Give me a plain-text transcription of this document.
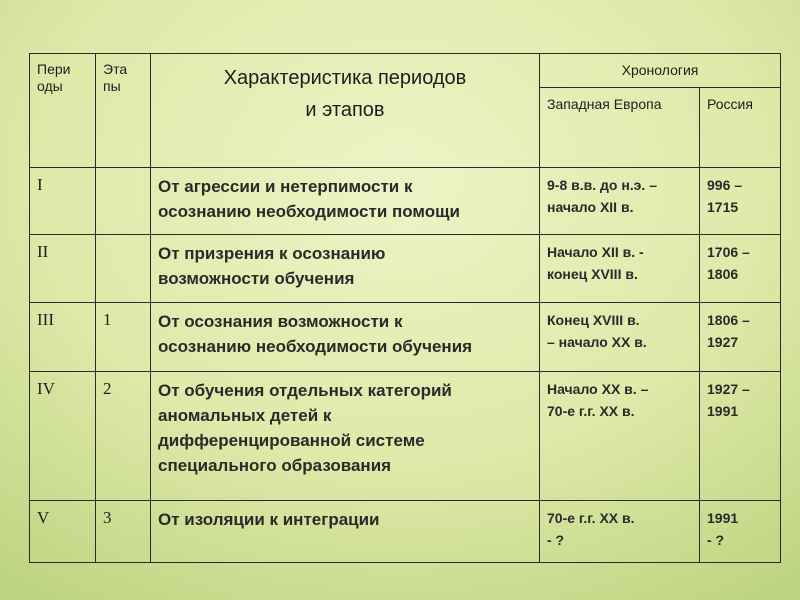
Пери
оды	Эта
пы	Характеристика периодов
и этапов	Хронология	
			Западная Европа	Россия
I		От агрессии и нетерпимости к
осознанию необходимости помощи	9-8 в.в. до н.э. –
начало XII в.	996 –
1715

II		От призрения к осознанию
возможности обучения	Начало XII в. -
конец XVIII в.	1706 –
1806

III	1	От осознания возможности к
осознанию необходимости обучения	Конец XVIII в.
– начало XX в.	1806 –
1927

IV	2	От обучения отдельных категорий
аномальных детей к
дифференцированной системе
специального образования	Начало XX в. –
70-е г.г. XX в.	1927 –
1991

V	3	От изоляции к интеграции	70-е г.г. XX в.
- ?	1991
- ?
